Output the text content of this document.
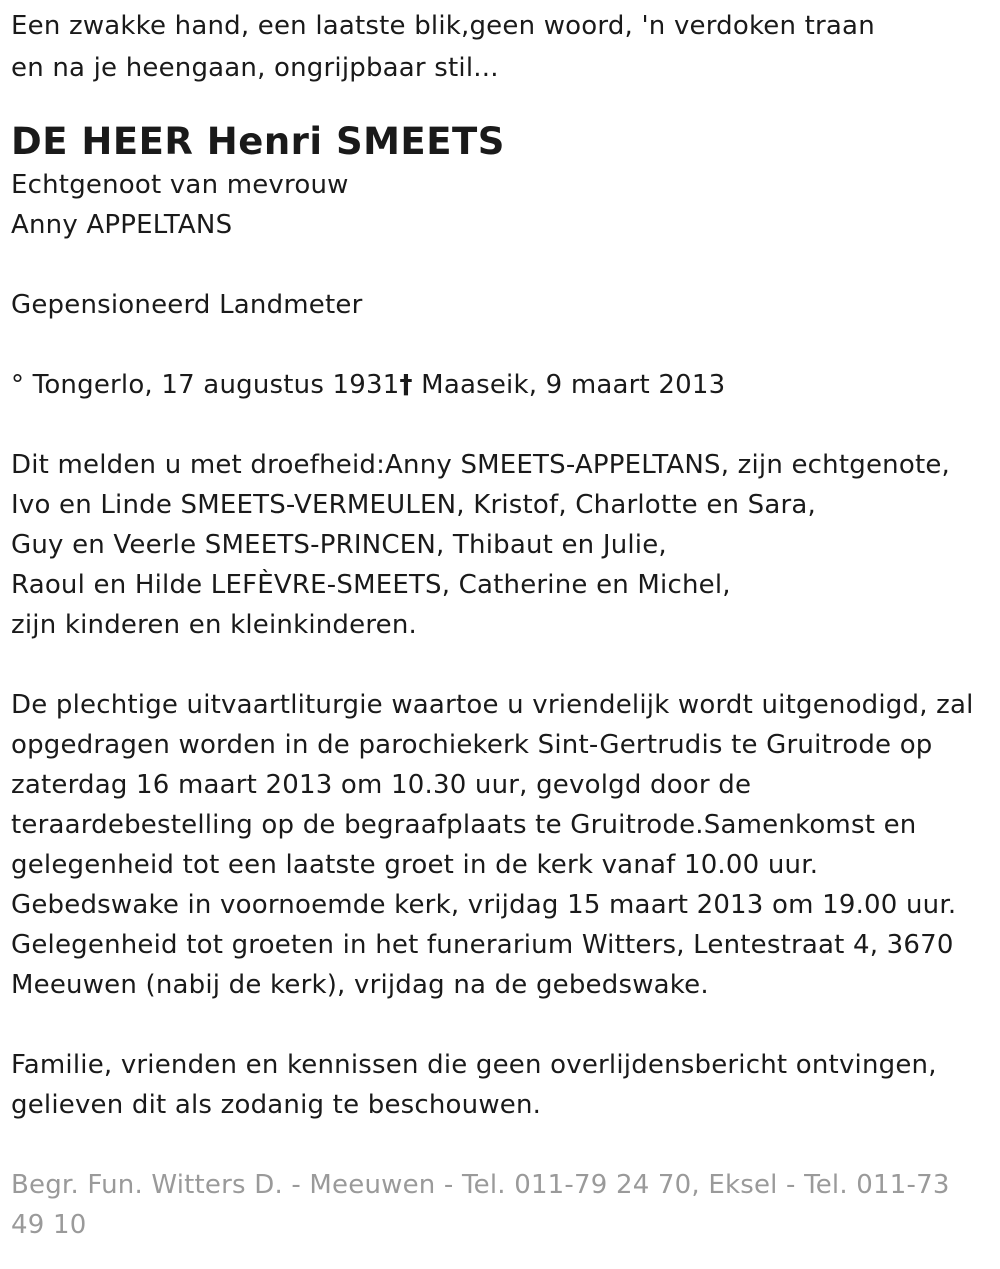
Een zwakke hand, een laatste blik,geen woord, 'n verdoken traan
en na je heengaan, ongrijpbaar stil...
DE HEER Henri SMEETS
Echtgenoot van mevrouw
Anny APPELTANS
Gepensioneerd Landmeter
° Tongerlo, 17 augustus 1931† Maaseik, 9 maart 2013
Dit melden u met droefheid:Anny SMEETS-APPELTANS, zijn echtgenote,
Ivo en Linde SMEETS-VERMEULEN, Kristof, Charlotte en Sara,
Guy en Veerle SMEETS-PRINCEN, Thibaut en Julie,
Raoul en Hilde LEFÈVRE-SMEETS, Catherine en Michel,
zijn kinderen en kleinkinderen.
De plechtige uitvaartliturgie waartoe u vriendelijk wordt uitgenodigd, zal
opgedragen worden in de parochiekerk Sint-Gertrudis te Gruitrode op
zaterdag 16 maart 2013 om 10.30 uur, gevolgd door de
teraardebestelling op de begraafplaats te Gruitrode.Samenkomst en
gelegenheid tot een laatste groet in de kerk vanaf 10.00 uur.
Gebedswake in voornoemde kerk, vrijdag 15 maart 2013 om 19.00 uur.
Gelegenheid tot groeten in het funerarium Witters, Lentestraat 4, 3670
Meeuwen (nabij de kerk), vrijdag na de gebedswake.
Familie, vrienden en kennissen die geen overlijdensbericht ontvingen,
gelieven dit als zodanig te beschouwen.
Begr. Fun. Witters D. - Meeuwen - Tel. 011-79 24 70, Eksel - Tel. 011-73 49 10
